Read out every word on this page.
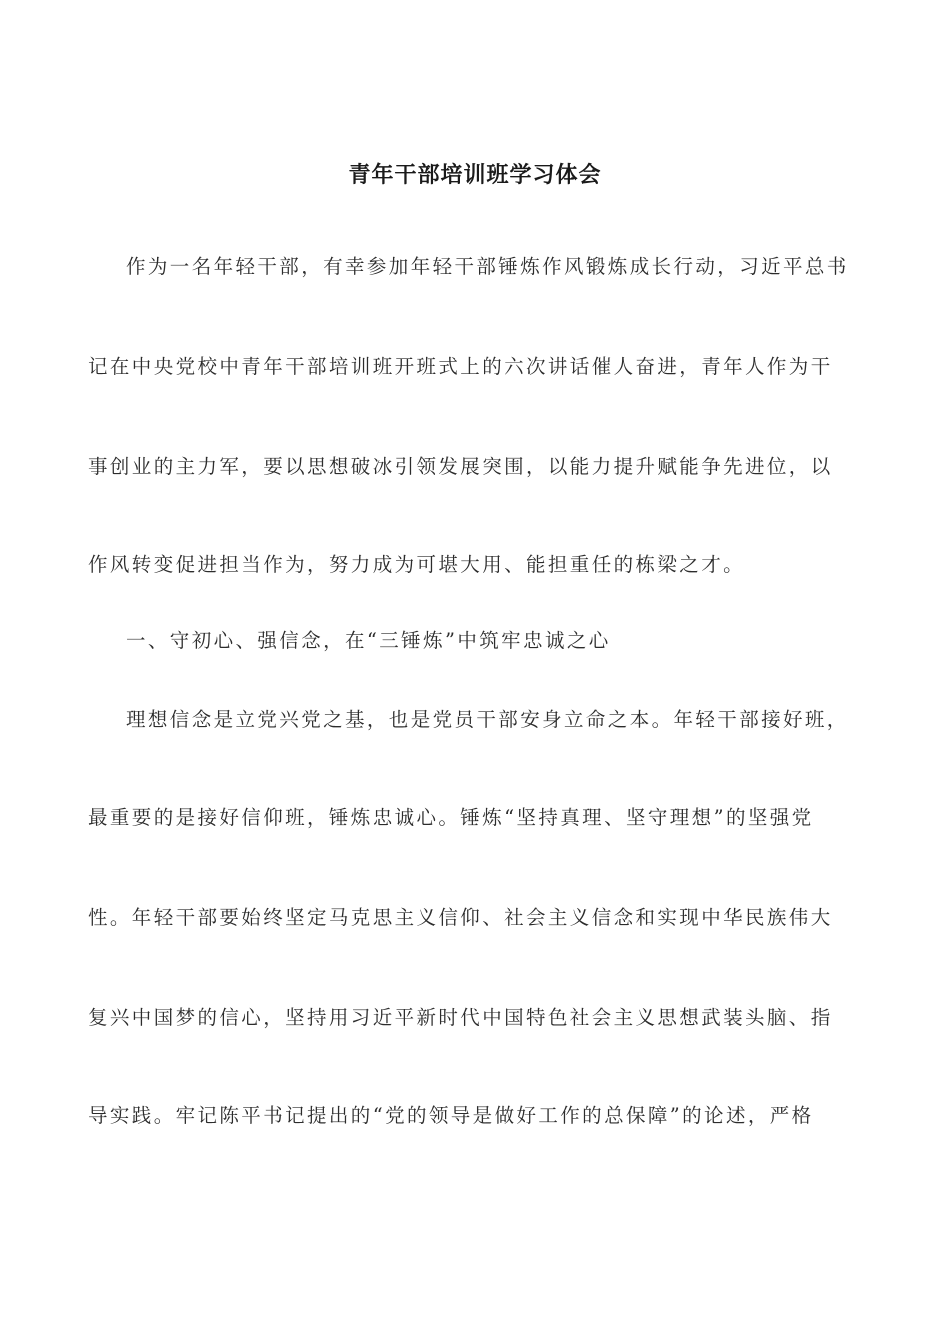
青年干部培训班学习体会
作为一名年轻干部，有幸参加年轻干部锤炼作风锻炼成长行动，习近平总书
记在中央党校中青年干部培训班开班式上的六次讲话催人奋进，青年人作为干
事创业的主力军，要以思想破冰引领发展突围，以能力提升赋能争先进位，以
作风转变促进担当作为，努力成为可堪大用、能担重任的栋梁之才。
一、守初心、强信念，在“三锤炼”中筑牢忠诚之心
理想信念是立党兴党之基，也是党员干部安身立命之本。年轻干部接好班，
最重要的是接好信仰班，锤炼忠诚心。锤炼“坚持真理、坚守理想”的坚强党
性。年轻干部要始终坚定马克思主义信仰、社会主义信念和实现中华民族伟大
复兴中国梦的信心，坚持用习近平新时代中国特色社会主义思想武装头脑、指
导实践。牢记陈平书记提出的“党的领导是做好工作的总保障”的论述，严格
